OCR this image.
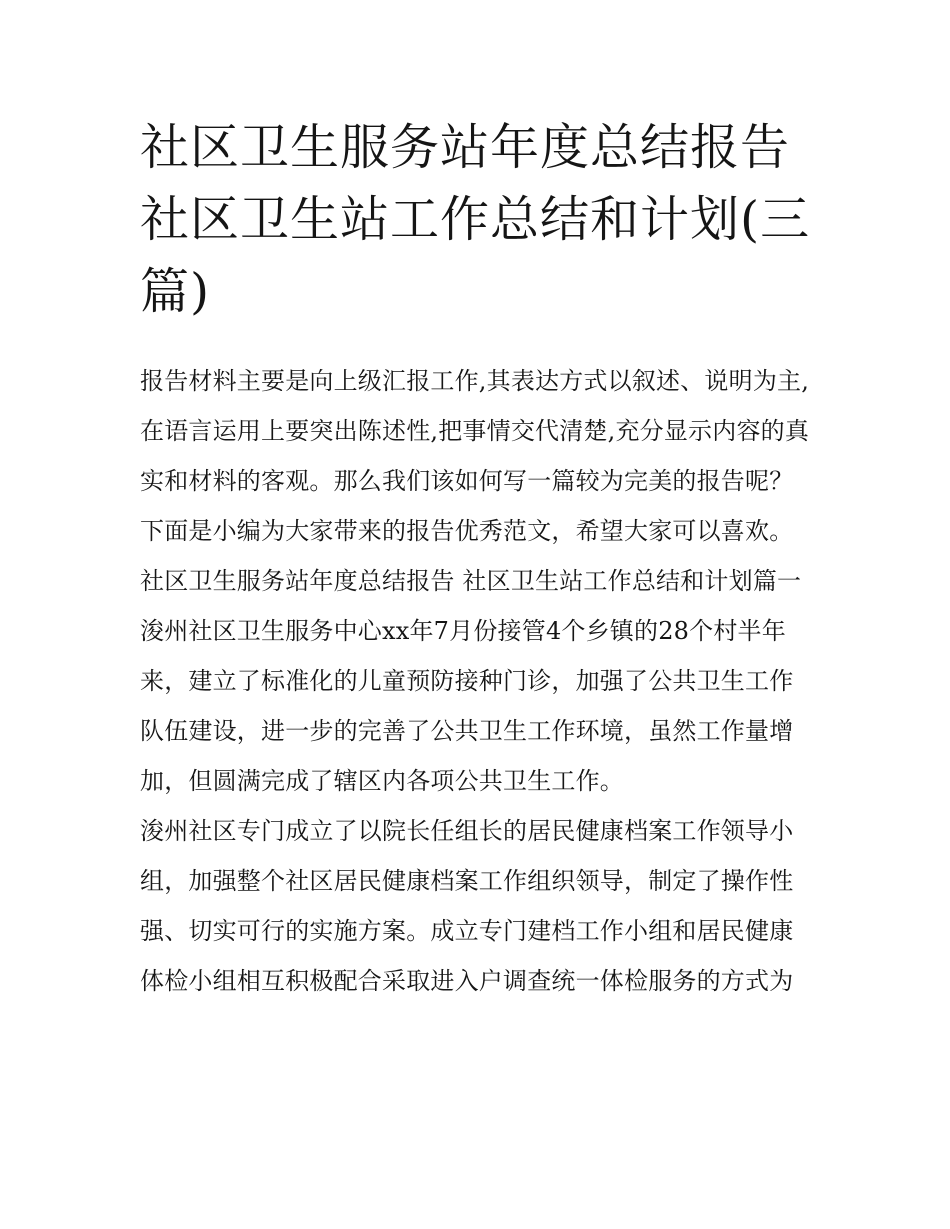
社区卫生服务站年度总结报告 社区卫生站工作总结和计划(三篇)

报告材料主要是向上级汇报工作,其表达方式以叙述、说明为主,在语言运用上要突出陈述性,把事情交代清楚,充分显示内容的真实和材料的客观。那么我们该如何写一篇较为完美的报告呢？下面是小编为大家带来的报告优秀范文，希望大家可以喜欢。

社区卫生服务站年度总结报告 社区卫生站工作总结和计划篇一

浚州社区卫生服务中心xx年7月份接管4个乡镇的28个村半年来，建立了标准化的儿童预防接种门诊，加强了公共卫生工作队伍建设，进一步的完善了公共卫生工作环境，虽然工作量增加，但圆满完成了辖区内各项公共卫生工作。

浚州社区专门成立了以院长任组长的居民健康档案工作领导小组，加强整个社区居民健康档案工作组织领导，制定了操作性强、切实可行的实施方案。成立专门建档工作小组和居民健康体检小组相互积极配合采取进入户调查统一体检服务的方式为
